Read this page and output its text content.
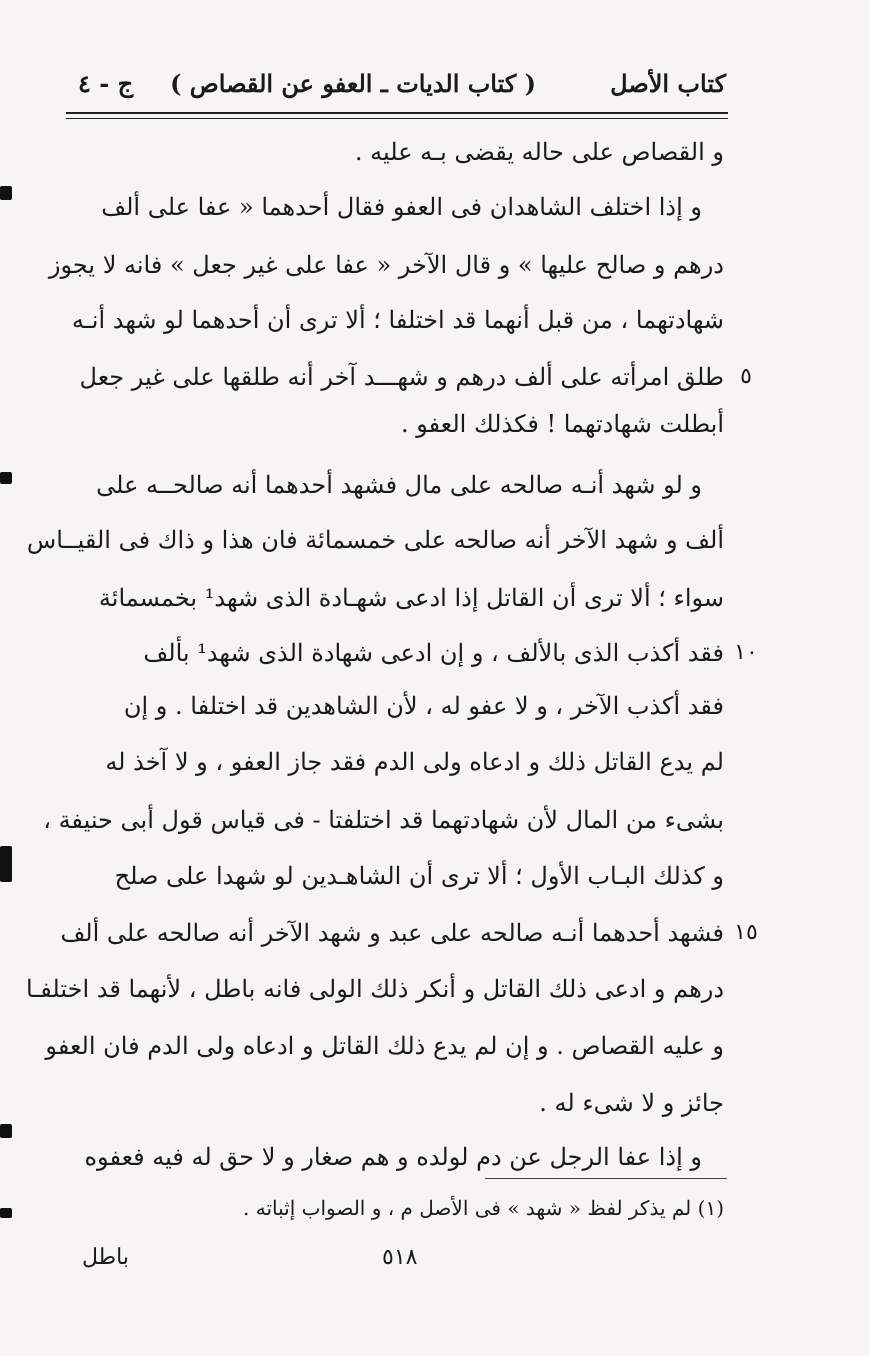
كتاب الأصل
( كتاب الديات ـ العفو عن القصاص )
ج - ٤
و القصاص على حاله يقضى بـه عليه .
و إذا اختلف الشاهدان فى العفو فقال أحدهما « عفا على ألف
درهم و صالح عليها » و قال الآخر « عفا على غير جعل » فانه لا يجوز
شهادتهما ، من قبل أنهما قد اختلفا ؛ ألا ترى أن أحدهما لو شهد أنـه
طلق امرأته على ألف درهم و شهـــد آخر أنه طلقها على غير جعل ٥
أبطلت شهادتهما ! فكذلك العفو .
و لو شهد أنـه صالحه على مال فشهد أحدهما أنه صالحــه على
ألف و شهد الآخر أنه صالحه على خمسمائة فان هذا و ذاك فى القيــاس
سواء ؛ ألا ترى أن القاتل إذا ادعى شهـادة الذى شهد¹ بخمسمائة
فقد أكذب الذى بالألف ، و إن ادعى شهادة الذى شهد¹ بألف ١٠
فقد أكذب الآخر ، و لا عفو له ، لأن الشاهدين قد اختلفا . و إن
لم يدع القاتل ذلك و ادعاه ولى الدم فقد جاز العفو ، و لا آخذ له
بشىء من المال لأن شهادتهما قد اختلفتا - فى قياس قول أبى حنيفة ،
و كذلك البـاب الأول ؛ ألا ترى أن الشاهـدين لو شهدا على صلح
فشهد أحدهما أنـه صالحه على عبد و شهد الآخر أنه صالحه على ألف ١٥
درهم و ادعى ذلك القاتل و أنكر ذلك الولى فانه باطل ، لأنهما قد اختلفـا
و عليه القصاص . و إن لم يدع ذلك القاتل و ادعاه ولى الدم فان العفو
جائز و لا شىء له .
و إذا عفا الرجل عن دم لولده و هم صغار و لا حق له فيه فعفوه
(١) لم يذكر لفظ « شهد » فى الأصل م ، و الصواب إثباته .
٥١٨
باطل
